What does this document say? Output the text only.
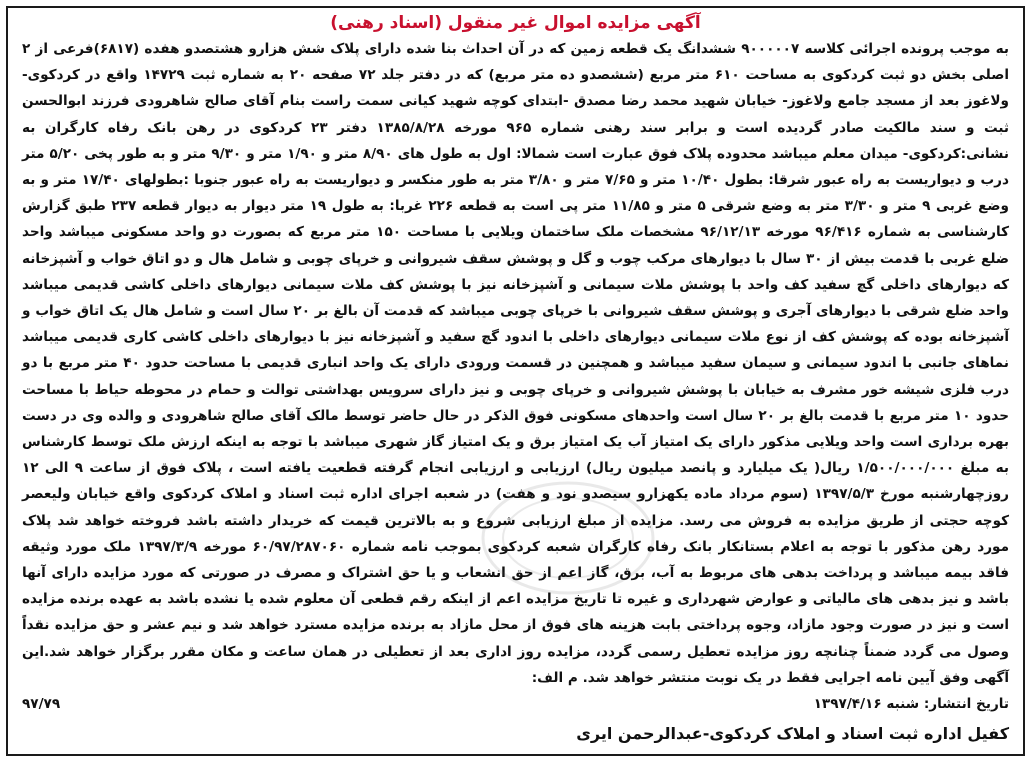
آگهی مزایده اموال غیر منقول (اسناد رهنی)

به موجب پرونده اجرائی کلاسه ۹۰۰۰۰۰۷ ششدانگ یک قطعه زمین که در آن احداث بنا شده دارای پلاک شش هزارو هشتصدو هفده (۶۸۱۷)فرعی از ۲ اصلی بخش دو ثبت کردکوی به مساحت ۶۱۰ متر مربع (ششصدو ده متر مربع) که در دفتر جلد ۷۲ صفحه ۲۰ به شماره ثبت ۱۴۷۲۹ واقع در کردکوی- ولاغوز بعد از مسجد جامع ولاغوز- خیابان شهید محمد رضا مصدق -ابتدای کوچه شهید کیانی سمت راست بنام آقای صالح شاهرودی فرزند ابوالحسن ثبت و سند مالکیت صادر گردیده است و برابر سند رهنی شماره ۹۶۵ مورخه ۱۳۸۵/۸/۲۸ دفتر ۲۳ کردکوی در رهن بانک رفاه کارگران به نشانی:کردکوی- میدان معلم میباشد محدوده پلاک فوق عبارت است شمالا: اول به طول های ۸/۹۰ متر و ۱/۹۰ متر و ۹/۳۰ متر و به طور پخی ۵/۲۰ متر درب و دیواریست به راه عبور شرقا: بطول ۱۰/۴۰ متر و ۷/۶۵ متر و ۳/۸۰ متر به طور منکسر و دیواریست به راه عبور جنوبا :بطولهای ۱۷/۴۰ متر و به وضع غربی ۹ متر و ۳/۳۰ متر به وضع شرقی ۵ متر و ۱۱/۸۵ متر پی است به قطعه ۲۲۶ غربا: به طول ۱۹ متر دیوار به دیوار قطعه ۲۳۷ طبق گزارش کارشناسی به شماره ۹۶/۴۱۶ مورخه ۹۶/۱۲/۱۳ مشخصات ملک ساختمان ویلایی با مساحت ۱۵۰ متر مربع که بصورت دو واحد مسکونی میباشد واحد ضلع غربی با قدمت بیش از ۳۰ سال با دیوارهای مرکب چوب و گل و پوشش سقف شیروانی و خرپای چوبی و شامل هال و دو اتاق خواب و آشپزخانه که دیوارهای داخلی گچ سفید کف واحد با پوشش ملات سیمانی و آشپزخانه نیز با پوشش کف ملات سیمانی دیوارهای داخلی کاشی قدیمی میباشد واحد ضلع شرقی با دیوارهای آجری و پوشش سقف شیروانی با خرپای چوبی میباشد که قدمت آن بالغ بر ۲۰ سال است و شامل هال یک اتاق خواب و آشپزخانه بوده که پوشش کف از نوع ملات سیمانی دیوارهای داخلی با اندود گچ سفید و آشپزخانه نیز با دیوارهای داخلی کاشی کاری قدیمی میباشد نماهای جانبی با اندود سیمانی و سیمان سفید میباشد و همچنین در قسمت ورودی دارای یک واحد انباری قدیمی با مساحت حدود ۴۰ متر مربع با دو درب فلزی شیشه خور مشرف به خیابان با پوشش شیروانی و خرپای چوبی و نیز دارای سرویس بهداشتی توالت و حمام در محوطه حیاط با مساحت حدود ۱۰ متر مربع با قدمت بالغ بر ۲۰ سال است واحدهای مسکونی فوق الذکر در حال حاضر توسط مالک آقای صالح شاهرودی و والده وی در دست بهره برداری است واحد ویلایی مذکور دارای یک امتیاز آب یک امتیاز برق و یک امتیاز گاز شهری میباشد با توجه به اینکه ارزش ملک توسط کارشناس به مبلغ ۱/۵۰۰/۰۰۰/۰۰۰ ریال( یک میلیارد و پانصد میلیون ریال) ارزیابی و ارزیابی انجام گرفته قطعیت یافته است ، پلاک فوق از ساعت ۹ الی ۱۲ روزچهارشنبه مورخ ۱۳۹۷/۵/۳ (سوم مرداد ماده یکهزارو سیصدو نود و هفت) در شعبه اجرای اداره ثبت اسناد و املاک کردکوی واقع خیابان ولیعصر کوچه حجتی از طریق مزایده به فروش می رسد. مزایده از مبلغ ارزیابی شروع و به بالاترین قیمت که خریدار داشته باشد فروخته خواهد شد پلاک مورد رهن مذکور با توجه به اعلام بستانکار بانک رفاه کارگران شعبه کردکوی بموجب نامه شماره ۶۰/۹۷/۲۸۷۰۶۰ مورخه ۱۳۹۷/۳/۹ ملک مورد وثیقه فاقد بیمه میباشد و پرداخت بدهی های مربوط به آب، برق، گاز اعم از حق انشعاب و یا حق اشتراک و مصرف در صورتی که مورد مزایده دارای آنها باشد و نیز بدهی های مالیاتی و عوارض شهرداری و غیره تا تاریخ مزایده اعم از اینکه رقم قطعی آن معلوم شده یا نشده باشد به عهده برنده مزایده است و نیز در صورت وجود مازاد، وجوه پرداختی بابت هزینه های فوق از محل مازاد به برنده مزایده مسترد خواهد شد و نیم عشر و حق مزایده نقداً وصول می گردد ضمناً چنانچه روز مزایده تعطیل رسمی گردد، مزایده روز اداری بعد از تعطیلی در همان ساعت و مکان مقرر برگزار خواهد شد.این آگهی وفق آیین نامه اجرایی فقط در یک نوبت منتشر خواهد شد. م الف:

تاریخ انتشار: شنبه ۱۳۹۷/۴/۱۶
۹۷/۷۹
کفیل اداره ثبت اسناد و املاک کردکوی-عبدالرحمن ایری
